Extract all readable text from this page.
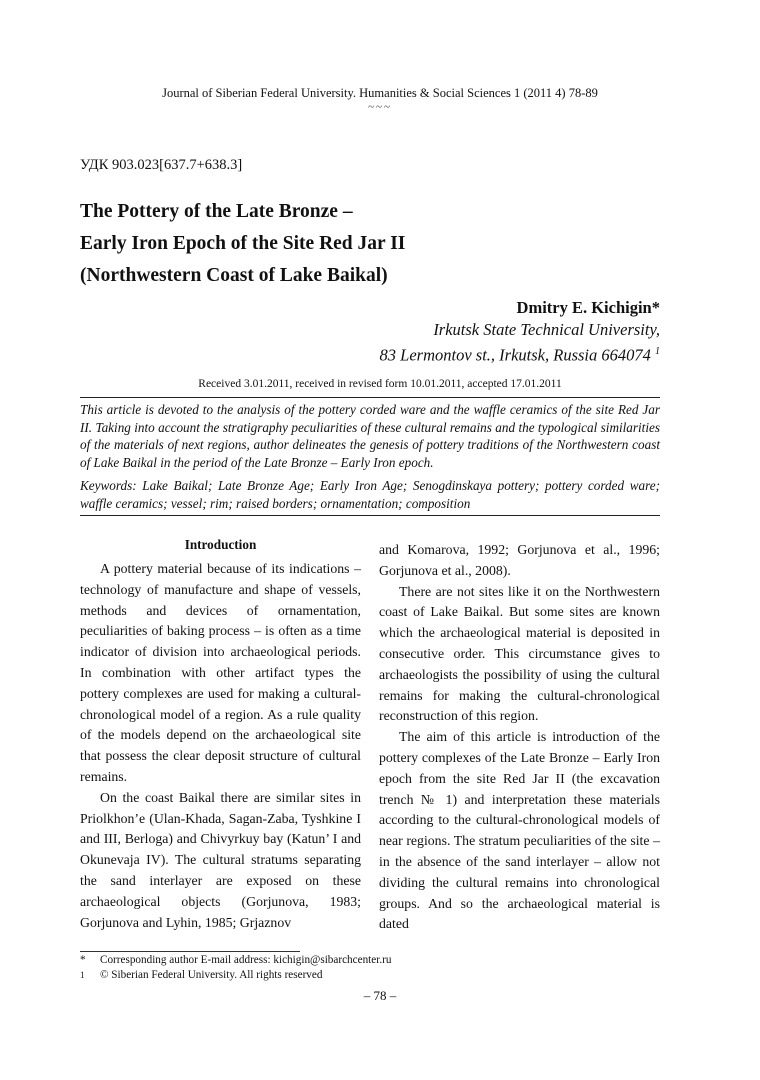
Journal of Siberian Federal University. Humanities & Social Sciences 1 (2011 4) 78-89
~~~
УДК 903.023[637.7+638.3]
The Pottery of the Late Bronze –
Early Iron Epoch of the Site Red Jar II
(Northwestern Coast of Lake Baikal)
Dmitry E. Kichigin*
Irkutsk State Technical University,
83 Lermontov st., Irkutsk, Russia 664074 $^1$
Received 3.01.2011, received in revised form 10.01.2011, accepted 17.01.2011
This article is devoted to the analysis of the pottery corded ware and the waffle ceramics of the site Red Jar II. Taking into account the stratigraphy peculiarities of these cultural remains and the typological similarities of the materials of next regions, author delineates the genesis of pottery traditions of the Northwestern coast of Lake Baikal in the period of the Late Bronze – Early Iron epoch.
Keywords: Lake Baikal; Late Bronze Age; Early Iron Age; Senogdinskaya pottery; pottery corded ware; waffle ceramics; vessel; rim; raised borders; ornamentation; composition
Introduction

A pottery material because of its indications – technology of manufacture and shape of vessels, methods and devices of ornamentation, peculiarities of baking process – is often as a time indicator of division into archaeological periods. In combination with other artifact types the pottery complexes are used for making a cultural-chronological model of a region. As a rule quality of the models depend on the archaeological site that possess the clear deposit structure of cultural remains.

On the coast Baikal there are similar sites in Priolkhon’e (Ulan-Khada, Sagan-Zaba, Tyshkine I and III, Berloga) and Chivyrkuy bay (Katun’ I and Okunevaja IV). The cultural stratums separating the sand interlayer are exposed on these archaeological objects (Gorjunova, 1983; Gorjunova and Lyhin, 1985; Grjaznov

and Komarova, 1992; Gorjunova et al., 1996; Gorjunova et al., 2008).

There are not sites like it on the Northwestern coast of Lake Baikal. But some sites are known which the archaeological material is deposited in consecutive order. This circumstance gives to archaeologists the possibility of using the cultural remains for making the cultural-chronological reconstruction of this region.

The aim of this article is introduction of the pottery complexes of the Late Bronze – Early Iron epoch from the site Red Jar II (the excavation trench № 1) and interpretation these materials according to the cultural-chronological models of near regions. The stratum peculiarities of the site – in the absence of the sand interlayer – allow not dividing the cultural remains into chronological groups. And so the archaeological material is dated

*	Corresponding author E-mail address: kichigin@sibarchcenter.ru
1	© Siberian Federal University. All rights reserved
– 78 –
